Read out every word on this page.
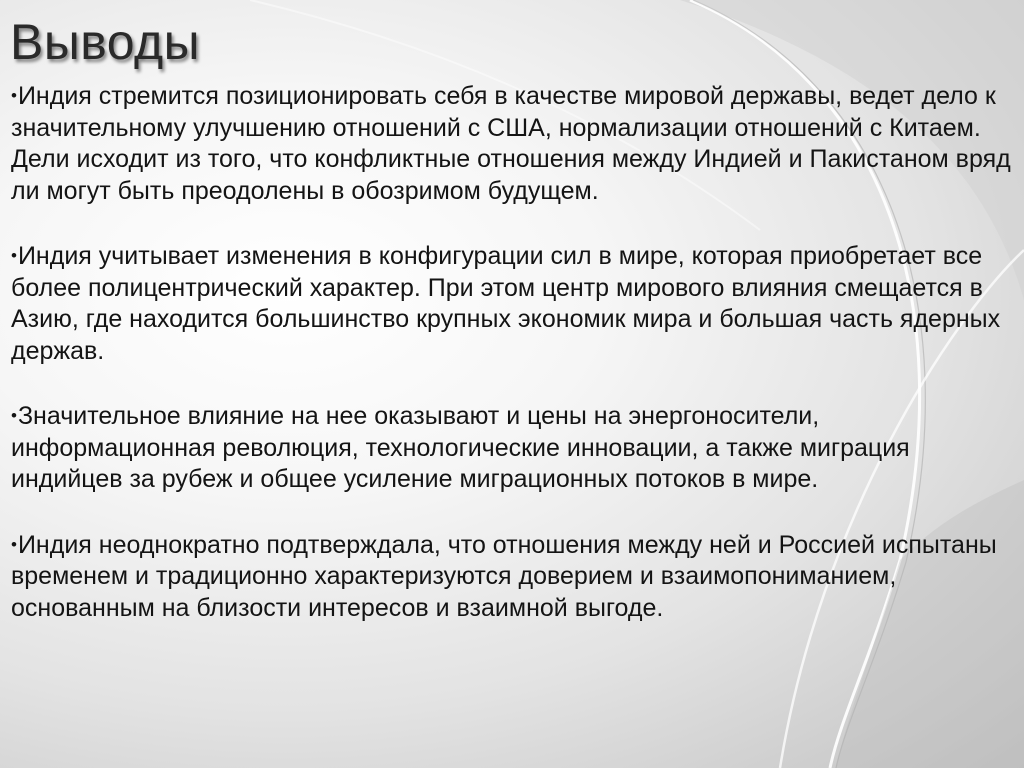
Выводы

•Индия стремится позиционировать себя в качестве мировой державы, ведет дело к значительному улучшению отношений с США, нормализации отношений с Китаем. Дели исходит из того, что конфликтные отношения между Индией и Пакистаном вряд ли могут быть преодолены в обозримом будущем.

•Индия учитывает изменения в конфигурации сил в мире, которая приобретает все более полицентрический характер. При этом центр мирового влияния смещается в Азию, где находится большинство крупных экономик мира и большая часть ядерных держав.

•Значительное влияние на нее оказывают и цены на энергоносители, информационная революция, технологические инновации, а также миграция индийцев за рубеж и общее усиление миграционных потоков в мире.

•Индия неоднократно подтверждала, что отношения между ней и Россией испытаны временем и традиционно характеризуются доверием и взаимопониманием, основанным на близости интересов и взаимной выгоде.
